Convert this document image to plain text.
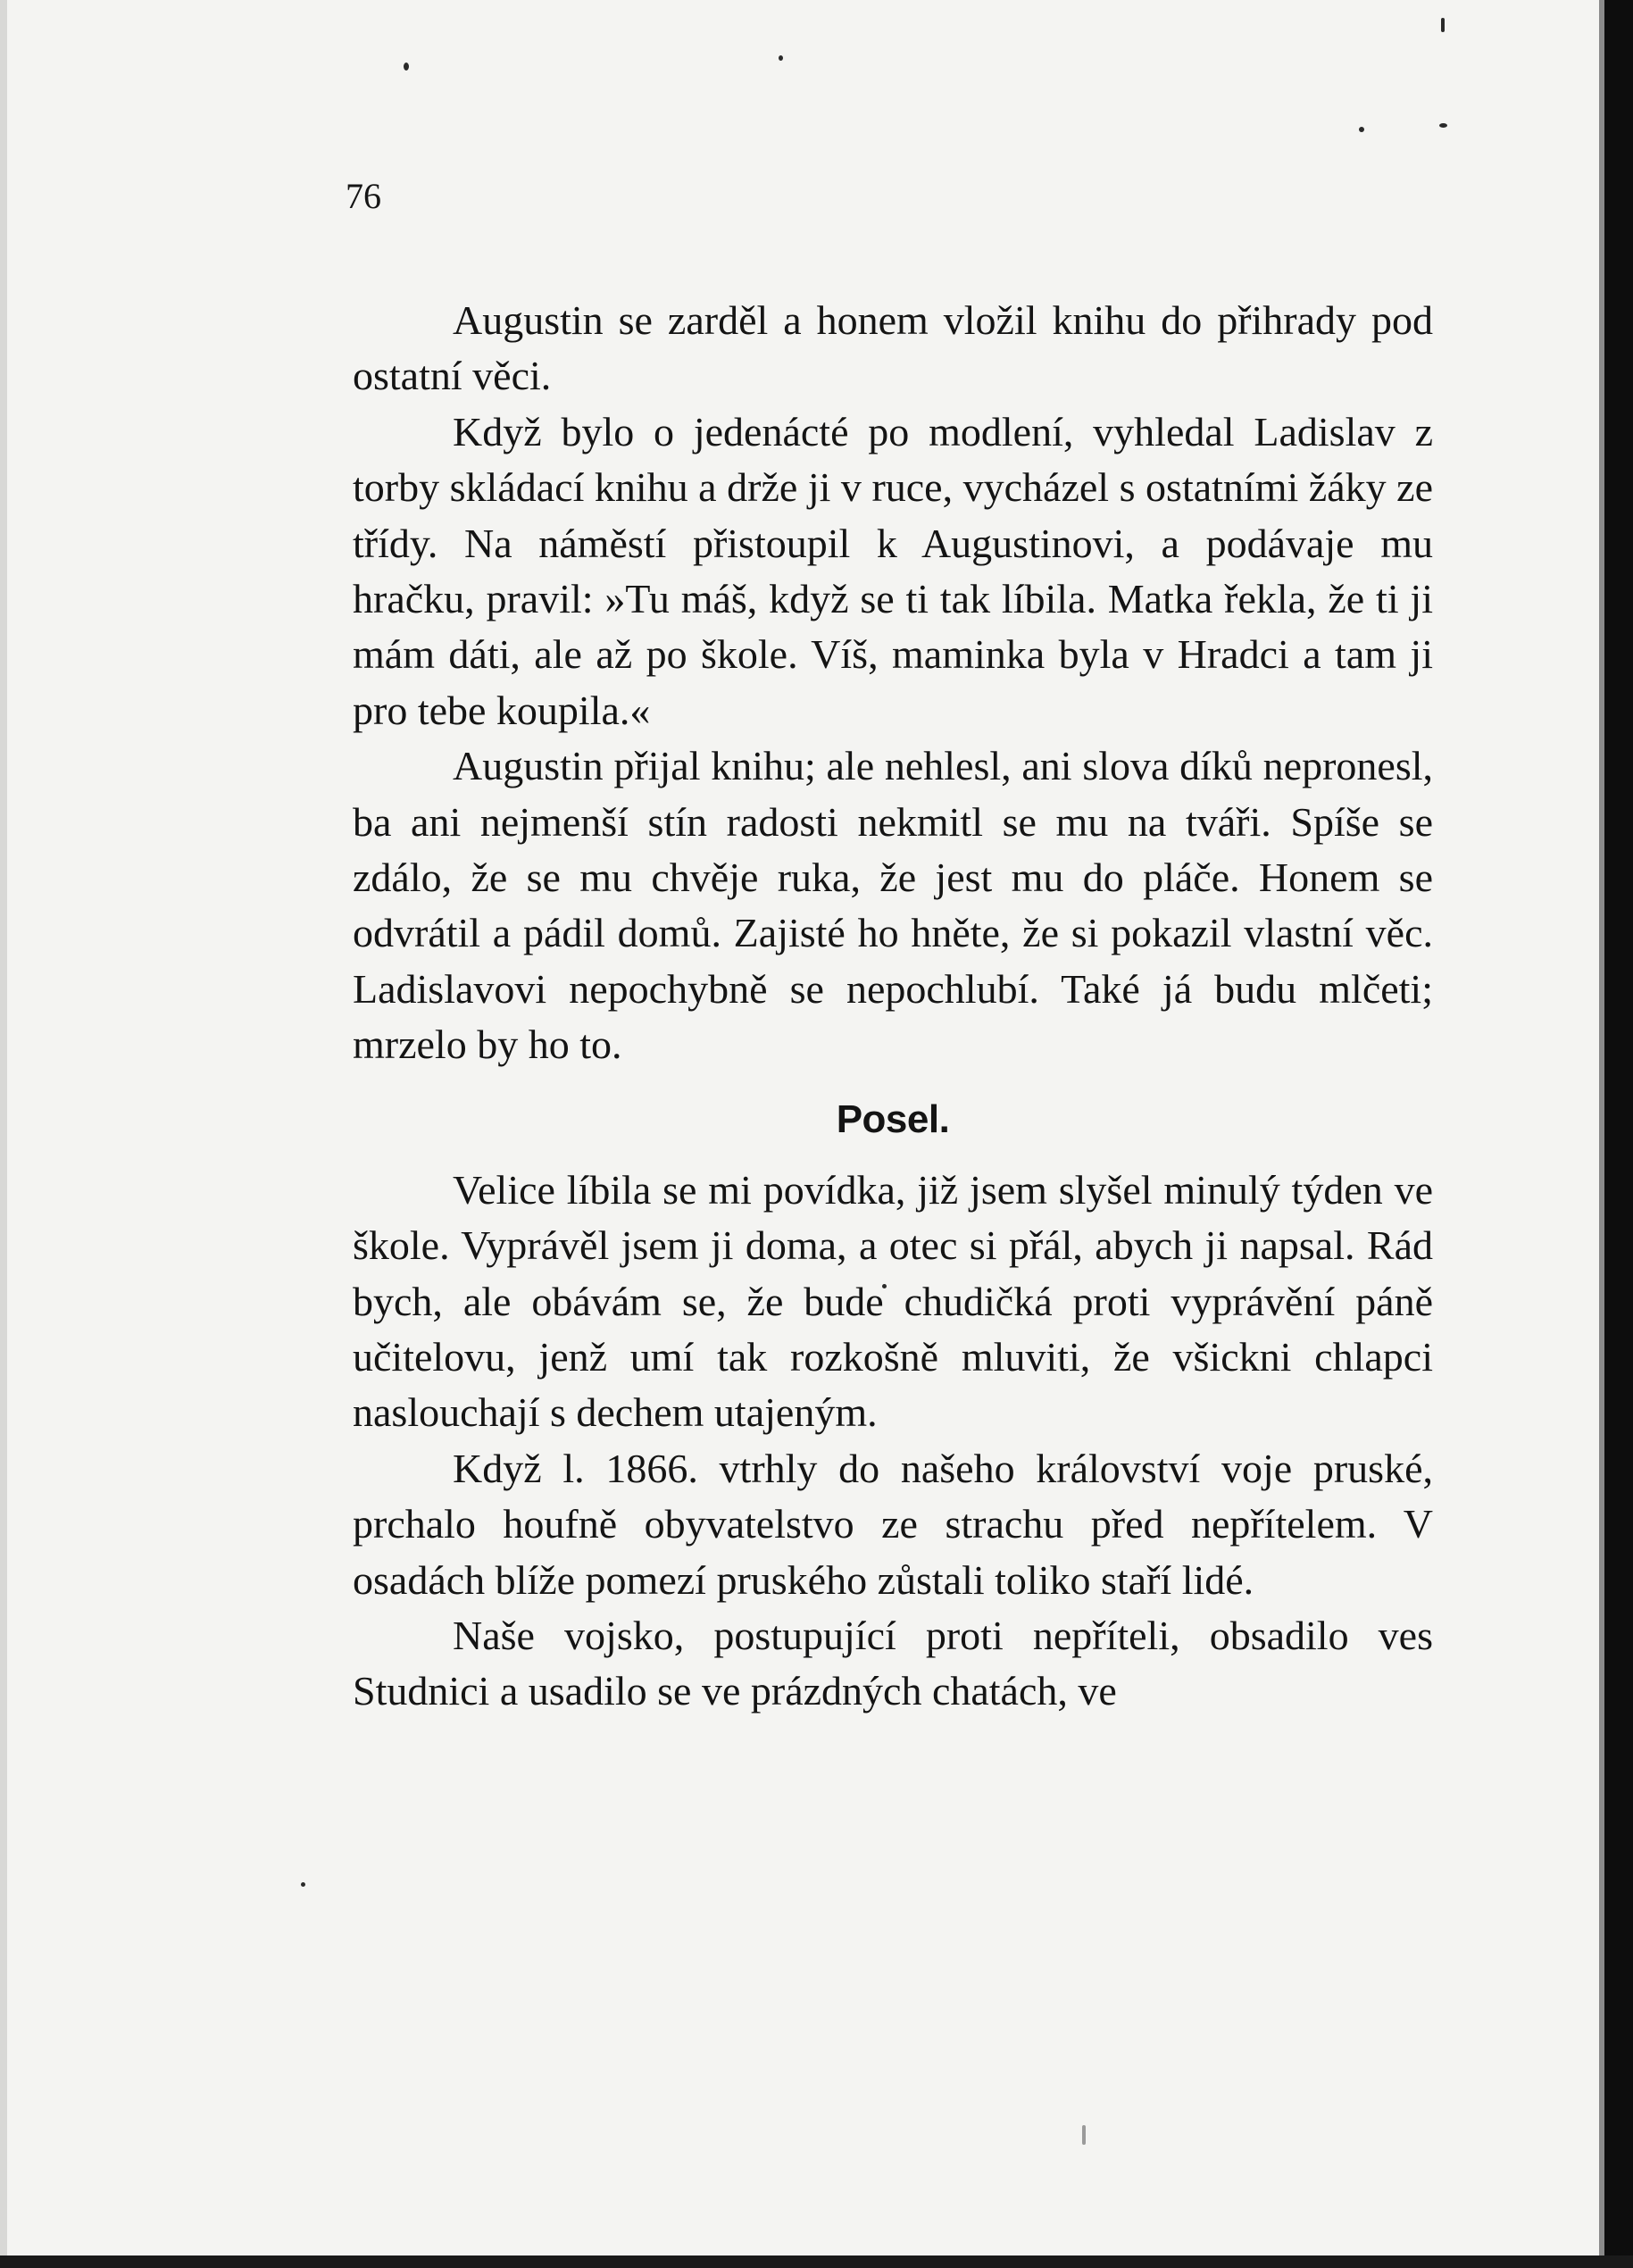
76

Augustin se zarděl a honem vložil knihu do přihrady pod ostatní věci.

Když bylo o jedenácté po modlení, vyhledal Ladislav z torby skládací knihu a drže ji v ruce, vycházel s ostatními žáky ze třídy. Na náměstí přistoupil k Augustinovi, a podávaje mu hračku, pravil: »Tu máš, když se ti tak líbila. Matka řekla, že ti ji mám dáti, ale až po škole. Víš, maminka byla v Hradci a tam ji pro tebe koupila.«

Augustin přijal knihu; ale nehlesl, ani slova díků nepronesl, ba ani nejmenší stín radosti nekmitl se mu na tváři. Spíše se zdálo, že se mu chvěje ruka, že jest mu do pláče. Honem se odvrátil a pádil domů. Zajisté ho hněte, že si pokazil vlastní věc. Ladislavovi nepochybně se nepochlubí. Také já budu mlčeti; mrzelo by ho to.

Posel.

Velice líbila se mi povídka, již jsem slyšel minulý týden ve škole. Vyprávěl jsem ji doma, a otec si přál, abych ji napsal. Rád bych, ale obávám se, že bude chudičká proti vyprávění páně učitelovu, jenž umí tak rozkošně mluviti, že všickni chlapci naslouchají s dechem utajeným.

Když l. 1866. vtrhly do našeho království voje pruské, prchalo houfně obyvatelstvo ze strachu před nepřítelem. V osadách blíže pomezí pruského zůstali toliko staří lidé.

Naše vojsko, postupující proti nepříteli, obsadilo ves Studnici a usadilo se ve prázdných chatách, ve
